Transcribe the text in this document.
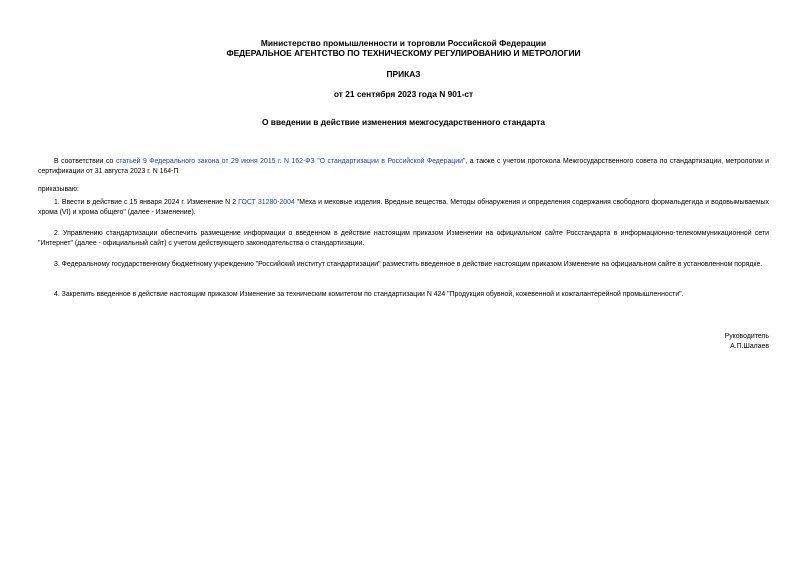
Министерство промышленности и торговли Российской Федерации
ФЕДЕРАЛЬНОЕ АГЕНТСТВО ПО ТЕХНИЧЕСКОМУ РЕГУЛИРОВАНИЮ И МЕТРОЛОГИИ
ПРИКАЗ
от 21 сентября 2023 года N 901-ст
О введении в действие изменения межгосударственного стандарта
В соответствии со статьей 9 Федерального закона от 29 июня 2015 г. N 162-ФЗ "О стандартизации в Российской Федерации", а также с учетом протокола Межгосударственного совета по стандартизации, метрологии и сертификации от 31 августа 2023 г. N 164-П
приказываю:
1. Ввести в действие с 15 января 2024 г. Изменение N 2 ГОСТ 31280-2004 "Меха и меховые изделия. Вредные вещества. Методы обнаружения и определения содержания свободного формальдегида и водовымываемых хрома (VI) и хрома общего" (далее - Изменение).
2. Управлению стандартизации обеспечить размещение информации о введенном в действие настоящим приказом Изменении на официальном сайте Росстандарта в информационно-телекоммуникационной сети "Интернет" (далее - официальный сайт) с учетом действующего законодательства о стандартизации.
3. Федеральному государственному бюджетному учреждению "Российский институт стандартизации" разместить введенное в действие настоящим приказом Изменение на официальном сайте в установленном порядке.
4. Закрепить введенное в действие настоящим приказом Изменение за техническим комитетом по стандартизации N 424 "Продукция обувной, кожевенной и кожгалантерейной промышленности".
Руководитель
А.П.Шалаев
